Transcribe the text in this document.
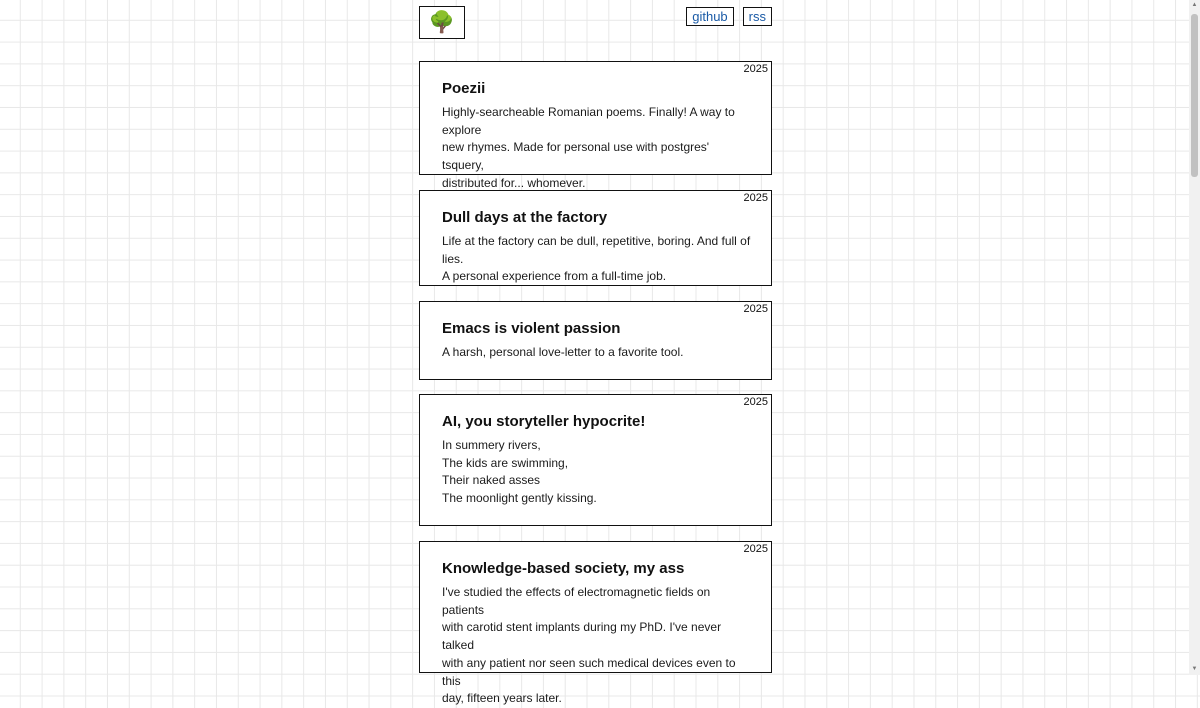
🌳	github	rss
2025
Poezii
Highly-searcheable Romanian poems. Finally! A way to explore
new rhymes. Made for personal use with postgres' tsquery,
distributed for... whomever.
2025
Dull days at the factory
Life at the factory can be dull, repetitive, boring. And full of lies.
A personal experience from a full-time job.
2025
Emacs is violent passion
A harsh, personal love-letter to a favorite tool.
2025
AI, you storyteller hypocrite!
In summery rivers,
The kids are swimming,
Their naked asses
The moonlight gently kissing.
2025
Knowledge-based society, my ass
I've studied the effects of electromagnetic fields on patients
with carotid stent implants during my PhD. I've never talked
with any patient nor seen such medical devices even to this
day, fifteen years later.
▲
▼
